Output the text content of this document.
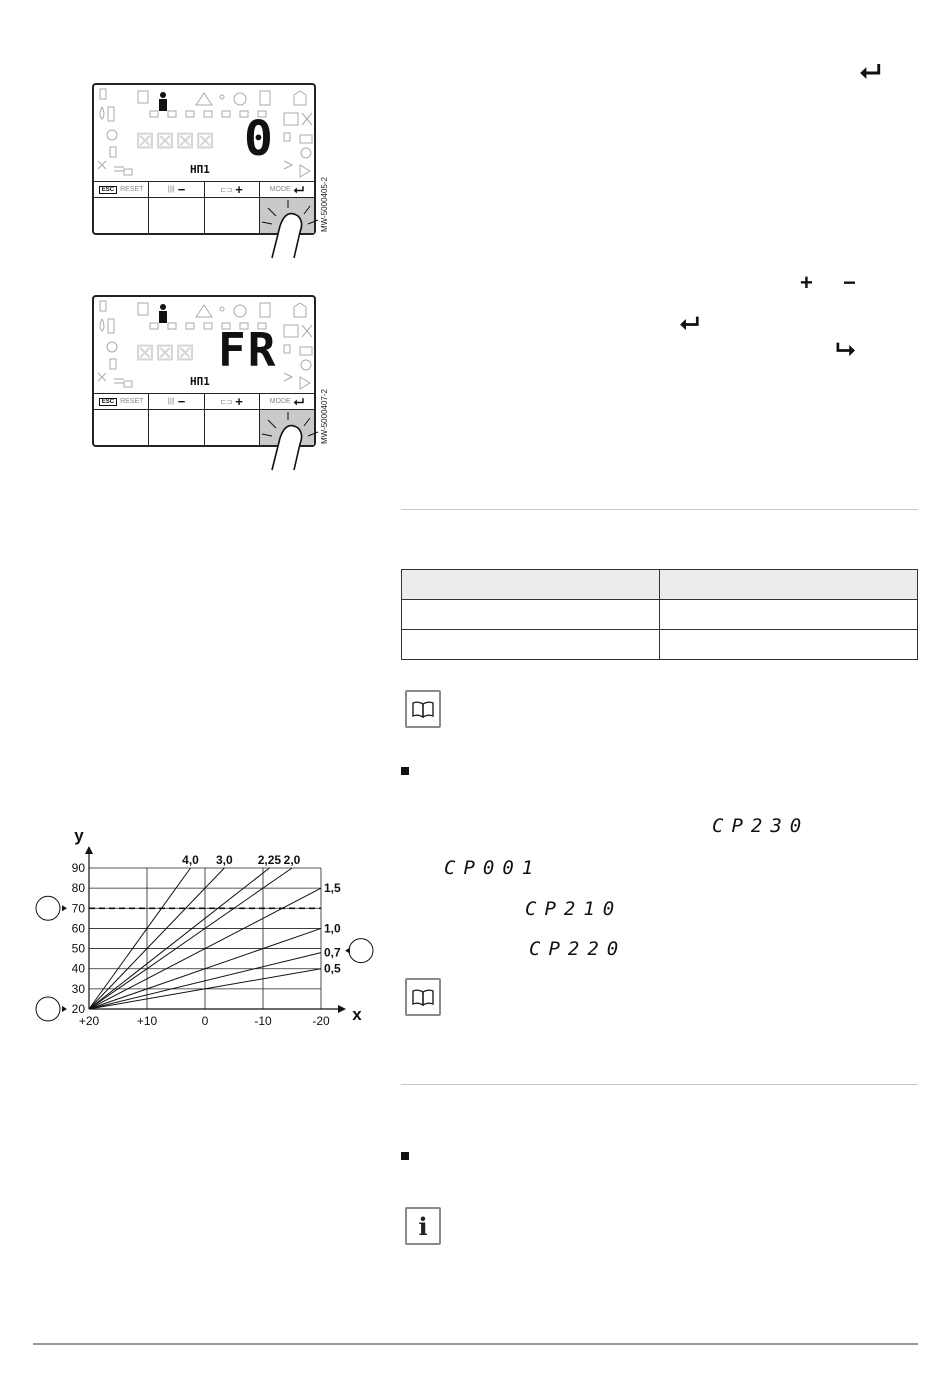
⊠⊠⊠⊠ 0
HΠ1
ESC RESET	|||| −	⊏⊐ +	MODE ⮠ MW-5000405-2
⊠⊠⊠ FR
HΠ1
ESC RESET	|||| −	⊏⊐ +	MODE ⮠ MW-5000407-2
⮠
+ −
⮠
⮡

CP230
CP001
CP210
CP220
i
20
30
40
50
60
70
80
90
+20	+10	0	-10	-20
y
x
4,0 3,0 2,25 2,0
1,5
1,0
0,7
0,5
